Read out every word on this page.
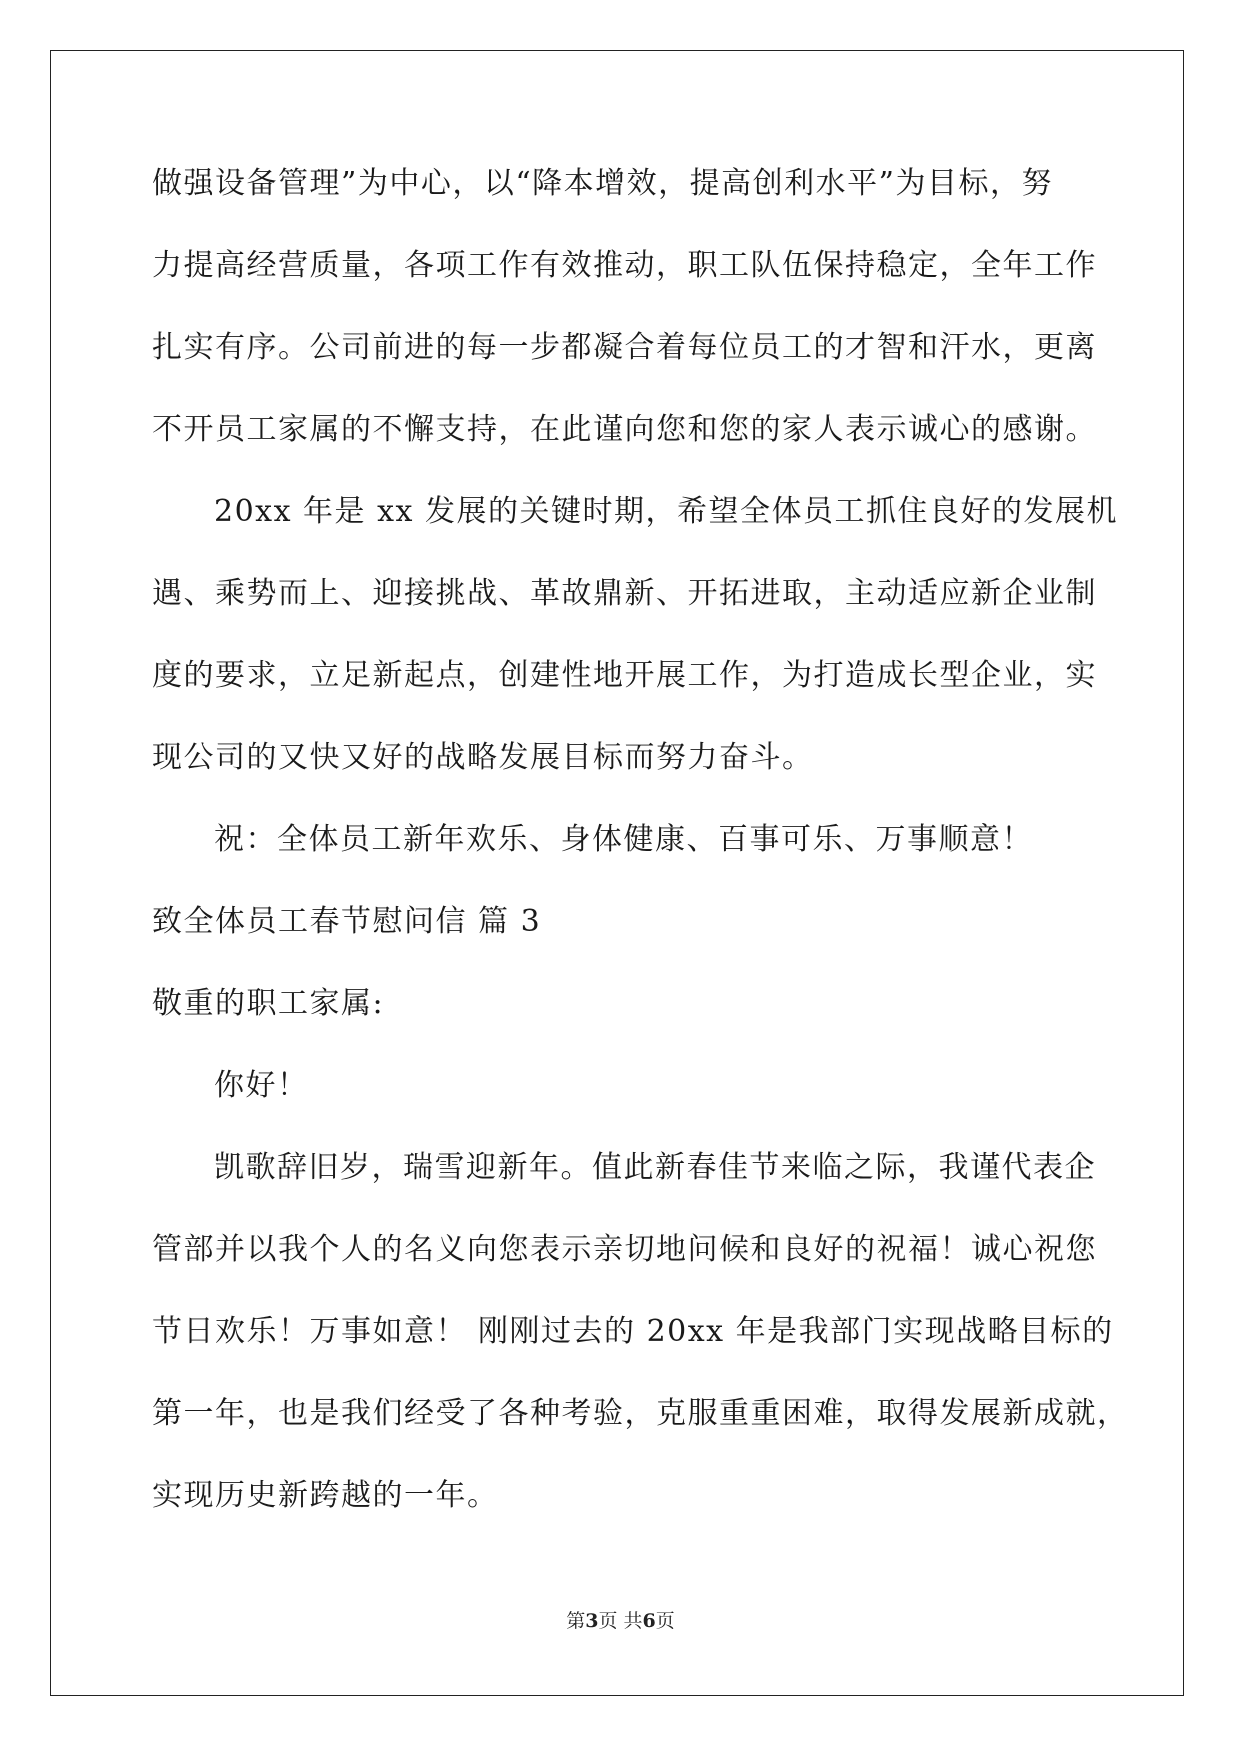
做强设备管理”为中心，以“降本增效，提高创利水平”为目标，努
力提高经营质量，各项工作有效推动，职工队伍保持稳定，全年工作
扎实有序。公司前进的每一步都凝合着每位员工的才智和汗水，更离
不开员工家属的不懈支持，在此谨向您和您的家人表示诚心的感谢。
20xx 年是 xx 发展的关键时期，希望全体员工抓住良好的发展机
遇、乘势而上、迎接挑战、革故鼎新、开拓进取，主动适应新企业制
度的要求，立足新起点，创建性地开展工作，为打造成长型企业，实
现公司的又快又好的战略发展目标而努力奋斗。
祝：全体员工新年欢乐、身体健康、百事可乐、万事顺意！
致全体员工春节慰问信 篇 3
敬重的职工家属:
你好！
凯歌辞旧岁，瑞雪迎新年。值此新春佳节来临之际，我谨代表企
管部并以我个人的名义向您表示亲切地问候和良好的祝福！诚心祝您
节日欢乐！万事如意！ 刚刚过去的 20xx 年是我部门实现战略目标的
第一年，也是我们经受了各种考验，克服重重困难，取得发展新成就，
实现历史新跨越的一年。
第3页 共6页
